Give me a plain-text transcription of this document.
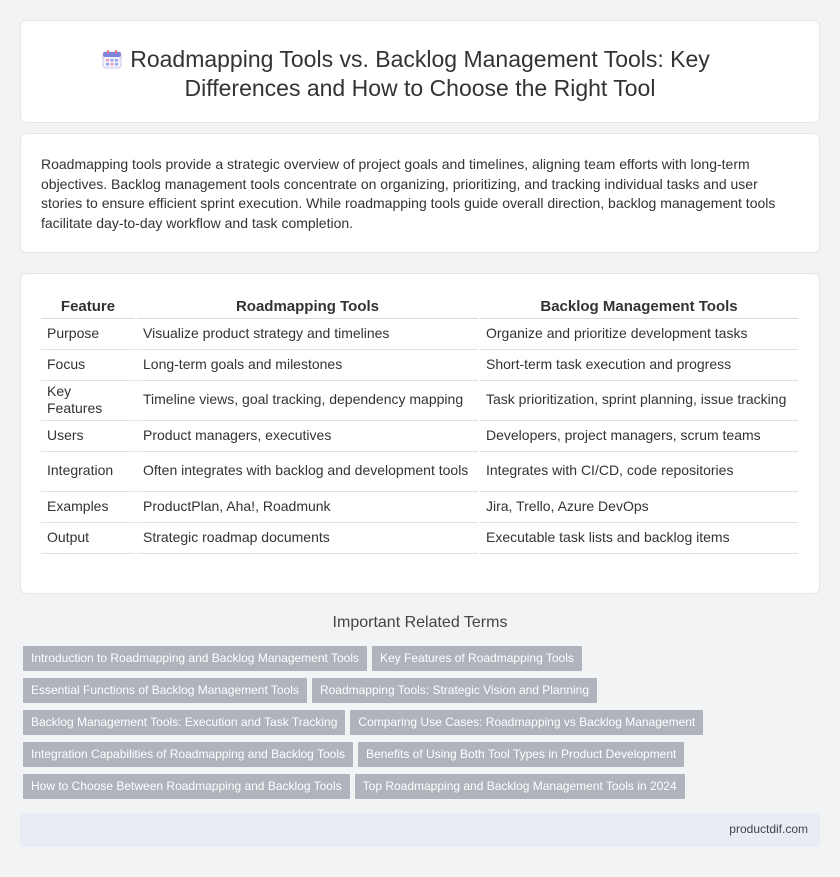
Roadmapping Tools vs. Backlog Management Tools: Key Differences and How to Choose the Right Tool

Roadmapping tools provide a strategic overview of project goals and timelines, aligning team efforts with long-term objectives. Backlog management tools concentrate on organizing, prioritizing, and tracking individual tasks and user stories to ensure efficient sprint execution. While roadmapping tools guide overall direction, backlog management tools facilitate day-to-day workflow and task completion.

Feature	Roadmapping Tools	Backlog Management Tools
Purpose	Visualize product strategy and timelines	Organize and prioritize development tasks
Focus	Long-term goals and milestones	Short-term task execution and progress
Key Features	Timeline views, goal tracking, dependency mapping	Task prioritization, sprint planning, issue tracking
Users	Product managers, executives	Developers, project managers, scrum teams
Integration	Often integrates with backlog and development tools	Integrates with CI/CD, code repositories
Examples	ProductPlan, Aha!, Roadmunk	Jira, Trello, Azure DevOps
Output	Strategic roadmap documents	Executable task lists and backlog items
Important Related Terms
Introduction to Roadmapping and Backlog Management Tools Key Features of Roadmapping Tools
Essential Functions of Backlog Management Tools Roadmapping Tools: Strategic Vision and Planning
Backlog Management Tools: Execution and Task Tracking Comparing Use Cases: Roadmapping vs Backlog Management
Integration Capabilities of Roadmapping and Backlog Tools Benefits of Using Both Tool Types in Product Development
How to Choose Between Roadmapping and Backlog Tools Top Roadmapping and Backlog Management Tools in 2024
productdif.com
